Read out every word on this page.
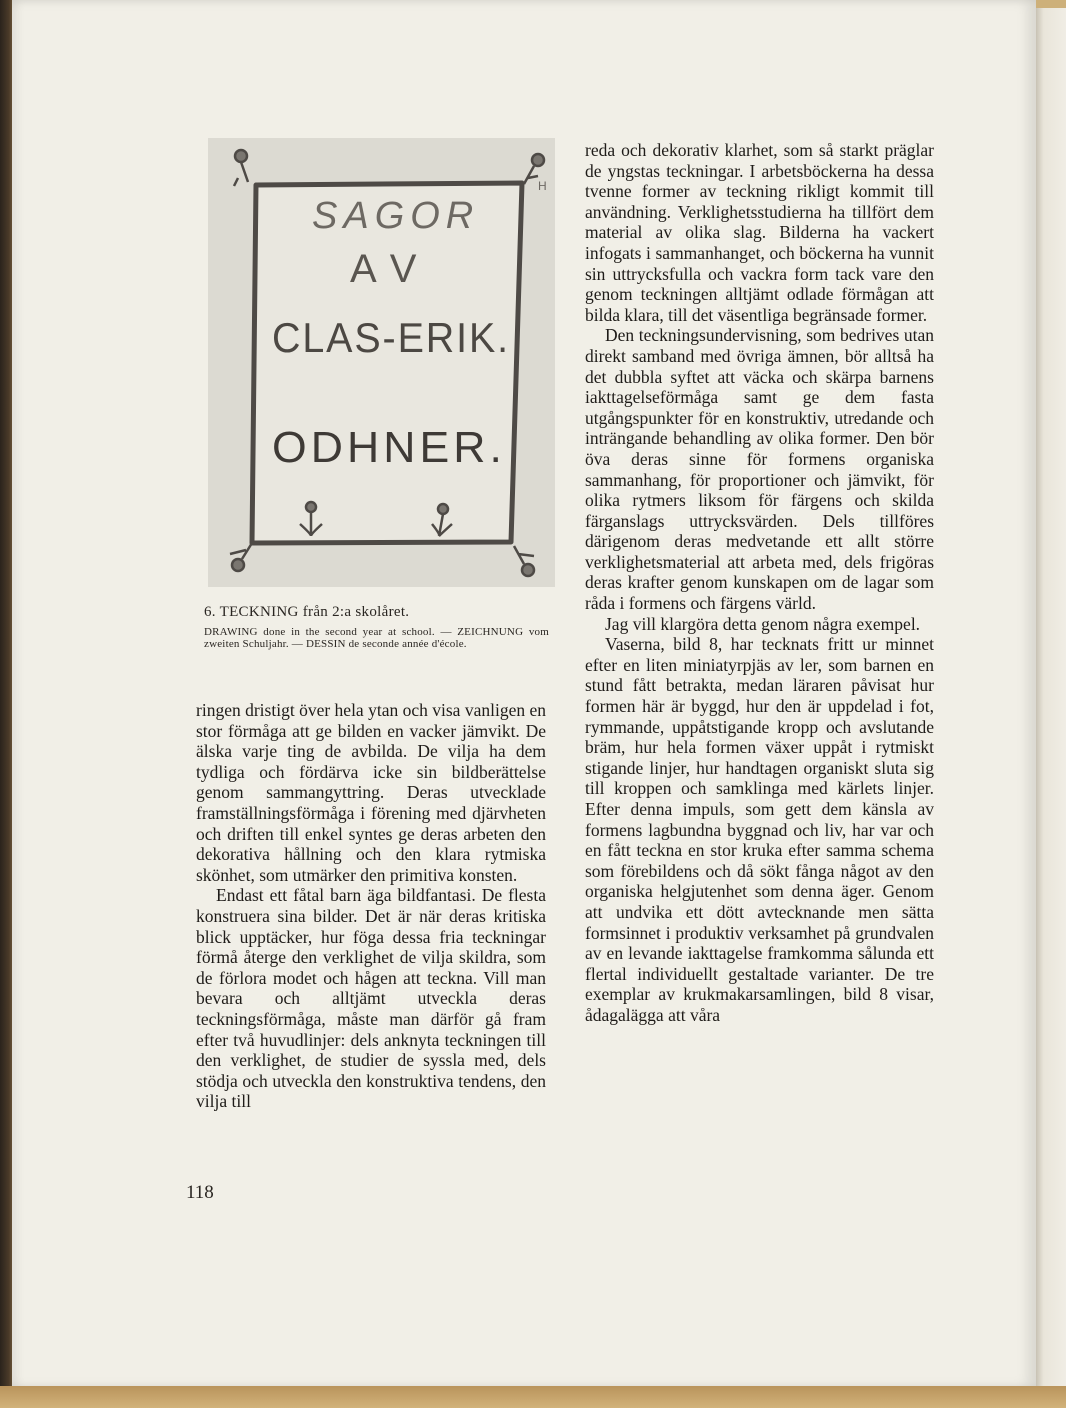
SAGOR
AV
CLAS-ERIK.
ODHNER.
H

6. TECKNING från 2:a skolåret.

DRAWING done in the second year at school. — ZEICHNUNG vom zweiten Schuljahr. — DESSIN de seconde année d'école.

ringen dristigt över hela ytan och visa vanligen en stor förmåga att ge bilden en vacker jämvikt. De älska varje ting de avbilda. De vilja ha dem tydliga och fördärva icke sin bildberättelse genom sammangyttring. Deras utvecklade framställningsförmåga i förening med djärvheten och driften till enkel syntes ge deras arbeten den dekorativa hållning och den klara rytmiska skönhet, som utmärker den primitiva konsten.

Endast ett fåtal barn äga bildfantasi. De flesta konstruera sina bilder. Det är när deras kritiska blick upptäcker, hur föga dessa fria teckningar förmå återge den verklighet de vilja skildra, som de förlora modet och hågen att teckna. Vill man bevara och alltjämt utveckla deras teckningsförmåga, måste man därför gå fram efter två huvudlinjer: dels anknyta teckningen till den verklighet, de studier de syssla med, dels stödja och utveckla den konstruktiva tendens, den vilja till

reda och dekorativ klarhet, som så starkt präglar de yngstas teckningar. I arbetsböckerna ha dessa tvenne former av teckning rikligt kommit till användning. Verklighetsstudierna ha tillfört dem material av olika slag. Bilderna ha vackert infogats i sammanhanget, och böckerna ha vunnit sin uttrycksfulla och vackra form tack vare den genom teckningen alltjämt odlade förmågan att bilda klara, till det väsentliga begränsade former.

Den teckningsundervisning, som bedrives utan direkt samband med övriga ämnen, bör alltså ha det dubbla syftet att väcka och skärpa barnens iakttagelseförmåga samt ge dem fasta utgångspunkter för en konstruktiv, utredande och inträngande behandling av olika former. Den bör öva deras sinne för formens organiska sammanhang, för proportioner och jämvikt, för olika rytmers liksom för färgens och skilda färganslags uttrycksvärden. Dels tillföres därigenom deras medvetande ett allt större verklighetsmaterial att arbeta med, dels frigöras deras krafter genom kunskapen om de lagar som råda i formens och färgens värld.

Jag vill klargöra detta genom några exempel.

Vaserna, bild 8, har tecknats fritt ur minnet efter en liten miniatyrpjäs av ler, som barnen en stund fått betrakta, medan läraren påvisat hur formen här är byggd, hur den är uppdelad i fot, rymmande, uppåtstigande kropp och avslutande bräm, hur hela formen växer uppåt i rytmiskt stigande linjer, hur handtagen organiskt sluta sig till kroppen och samklinga med kärlets linjer. Efter denna impuls, som gett dem känsla av formens lagbundna byggnad och liv, har var och en fått teckna en stor kruka efter samma schema som förebildens och då sökt fånga något av den organiska helgjutenhet som denna äger. Genom att undvika ett dött avtecknande men sätta formsinnet i produktiv verksamhet på grundvalen av en levande iakttagelse framkomma sålunda ett flertal individuellt gestaltade varianter. De tre exemplar av krukmakarsamlingen, bild 8 visar, ådagalägga att våra

118
